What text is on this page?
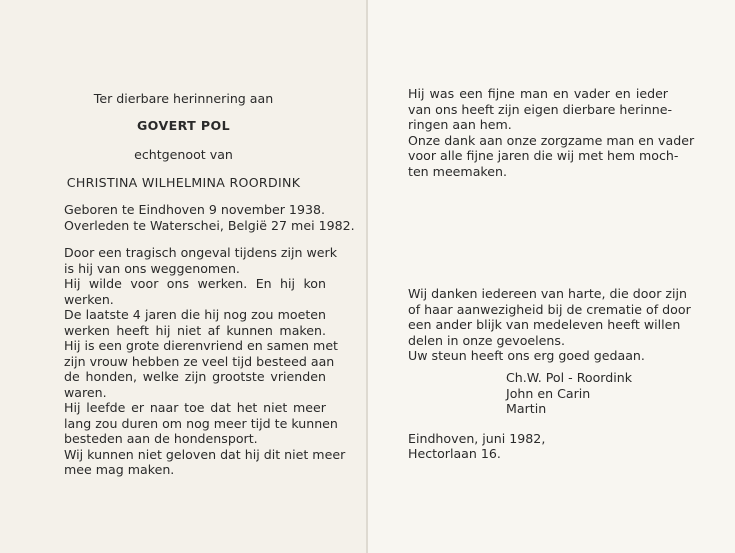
Ter dierbare herinnering aan
GOVERT POL
echtgenoot van
CHRISTINA WILHELMINA ROORDINK
Geboren te Eindhoven 9 november 1938.
Overleden te Waterschei, België 27 mei 1982.
Door een tragisch ongeval tijdens zijn werk
is hij van ons weggenomen.
Hij wilde voor ons werken. En hij kon
werken.
De laatste 4 jaren die hij nog zou moeten
werken heeft hij niet af kunnen maken.
Hij is een grote dierenvriend en samen met
zijn vrouw hebben ze veel tijd besteed aan
de honden, welke zijn grootste vrienden
waren.
Hij leefde er naar toe dat het niet meer
lang zou duren om nog meer tijd te kunnen
besteden aan de hondensport.
Wij kunnen niet geloven dat hij dit niet meer
mee mag maken.
Hij was een fijne man en vader en ieder
van ons heeft zijn eigen dierbare herinne-
ringen aan hem.
Onze dank aan onze zorgzame man en vader
voor alle fijne jaren die wij met hem moch-
ten meemaken.
Wij danken iedereen van harte, die door zijn
of haar aanwezigheid bij de crematie of door
een ander blijk van medeleven heeft willen
delen in onze gevoelens.
Uw steun heeft ons erg goed gedaan.
Ch.W. Pol - Roordink
John en Carin
Martin
Eindhoven, juni 1982,
Hectorlaan 16.
